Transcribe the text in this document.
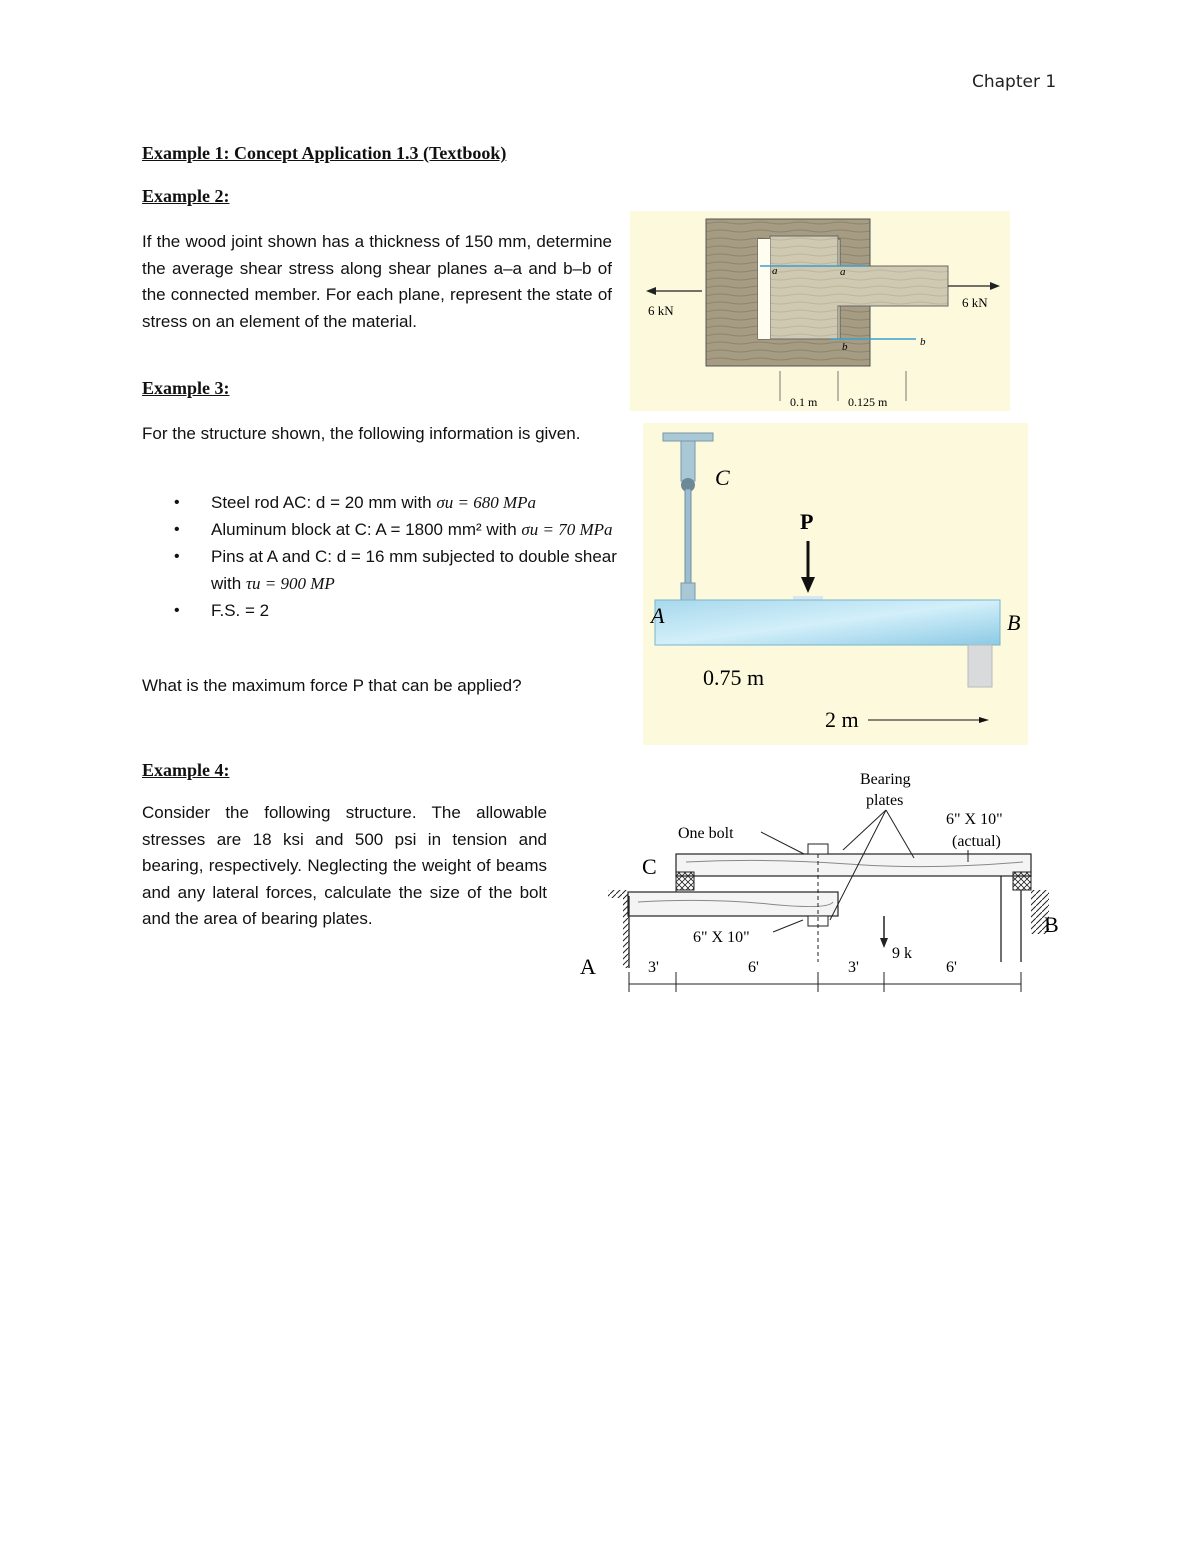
Chapter 1
Example 1: Concept Application 1.3 (Textbook)
Example 2:
If the wood joint shown has a thickness of 150 mm, determine the average shear stress along shear planes a–a and b–b of the connected member. For each plane, represent the state of stress on an element of the material.
a	a
b	b
6 kN
6 kN
0.1 m	0.125 m
Example 3:
For the structure shown, the following information is given.
• Steel rod AC: d = 20 mm with σu = 680 MPa
• Aluminum block at C: A = 1800 mm² with σu = 70 MPa
• Pins at A and C: d = 16 mm subjected to double shear with τu = 900 MP
• F.S. = 2
What is the maximum force P that can be applied?
C
P
A	B
0.75 m
2 m
Example 4:
Consider the following structure. The allowable stresses are 18 ksi and 500 psi in tension and bearing, respectively. Neglecting the weight of beams and any lateral forces, calculate the size of the bolt and the area of bearing plates.
9 k
Bearing
plates
One bolt
6" X 10"
(actual)
6" X 10"
C
A
B
3'	6'	3'	6'
